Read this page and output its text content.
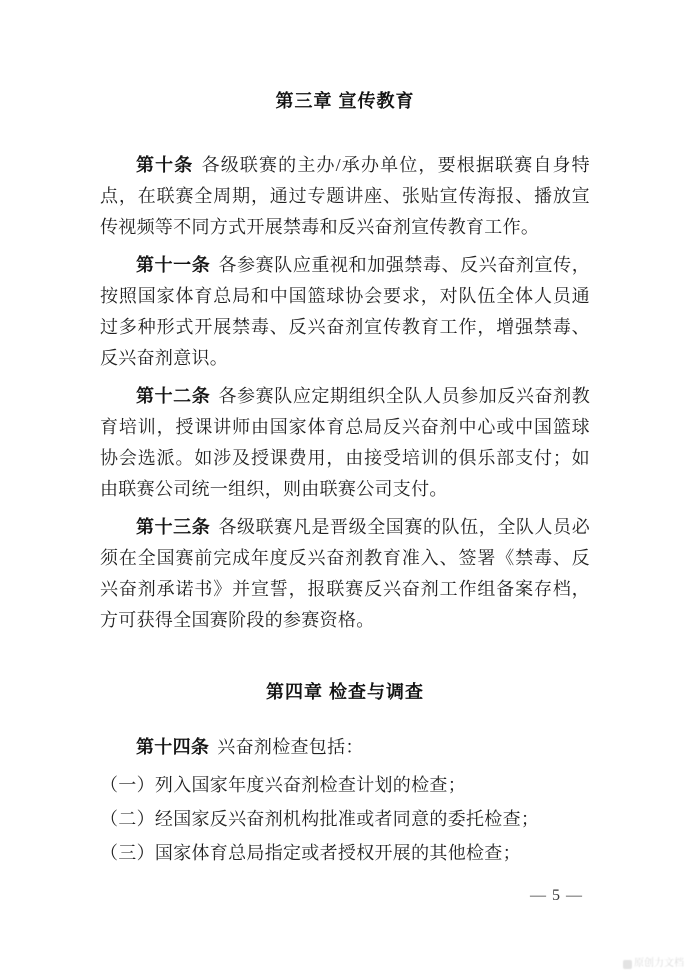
第三章 宣传教育

第十条 各级联赛的主办/承办单位，要根据联赛自身特点，在联赛全周期，通过专题讲座、张贴宣传海报、播放宣传视频等不同方式开展禁毒和反兴奋剂宣传教育工作。

第十一条 各参赛队应重视和加强禁毒、反兴奋剂宣传，按照国家体育总局和中国篮球协会要求，对队伍全体人员通过多种形式开展禁毒、反兴奋剂宣传教育工作，增强禁毒、反兴奋剂意识。

第十二条 各参赛队应定期组织全队人员参加反兴奋剂教育培训，授课讲师由国家体育总局反兴奋剂中心或中国篮球协会选派。如涉及授课费用，由接受培训的俱乐部支付；如由联赛公司统一组织，则由联赛公司支付。

第十三条 各级联赛凡是晋级全国赛的队伍，全队人员必须在全国赛前完成年度反兴奋剂教育准入、签署《禁毒、反兴奋剂承诺书》并宣誓，报联赛反兴奋剂工作组备案存档，方可获得全国赛阶段的参赛资格。

第四章 检查与调查

第十四条 兴奋剂检查包括：

（一）列入国家年度兴奋剂检查计划的检查；

（二）经国家反兴奋剂机构批准或者同意的委托检查；

（三）国家体育总局指定或者授权开展的其他检查；

— 5 —
原创力文档
